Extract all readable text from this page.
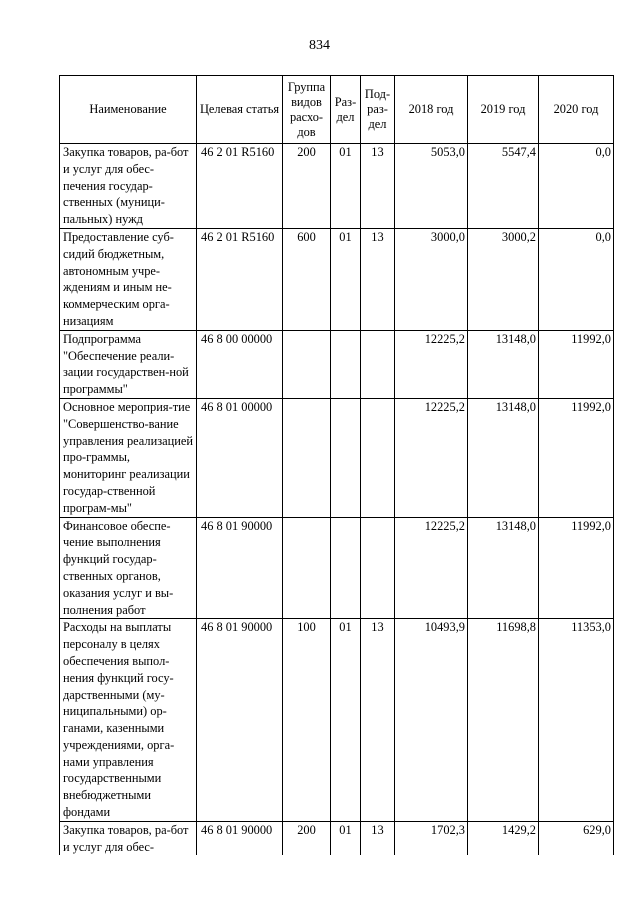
834
Наименование	Целевая статья	Группа видов расхо-дов	Раз-дел	Под-раз-дел	2018 год	2019 год	2020 год
Закупка товаров, ра-бот и услуг для обес-печения государ-ственных (муници-пальных) нужд	46 2 01 R5160	200	01	13	5053,0	5547,4	0,0
Предоставление суб-сидий бюджетным, автономным учре-ждениям и иным не-коммерческим орга-низациям	46 2 01 R5160	600	01	13	3000,0	3000,2	0,0
Подпрограмма "Обеспечение реали-зации государствен-ной программы"	46 8 00 00000				12225,2	13148,0	11992,0
Основное мероприя-тие "Совершенство-вание управления реализацией про-граммы, мониторинг реализации государ-ственной програм-мы"	46 8 01 00000				12225,2	13148,0	11992,0
Финансовое обеспе-чение выполнения функций государ-ственных органов, оказания услуг и вы-полнения работ	46 8 01 90000				12225,2	13148,0	11992,0
Расходы на выплаты персоналу в целях обеспечения выпол-нения функций госу-дарственными (му-ниципальными) ор-ганами, казенными учреждениями, орга-нами управления государственными внебюджетными фондами	46 8 01 90000	100	01	13	10493,9	11698,8	11353,0
Закупка товаров, ра-бот и услуг для обес-	46 8 01 90000	200	01	13	1702,3	1429,2	629,0
